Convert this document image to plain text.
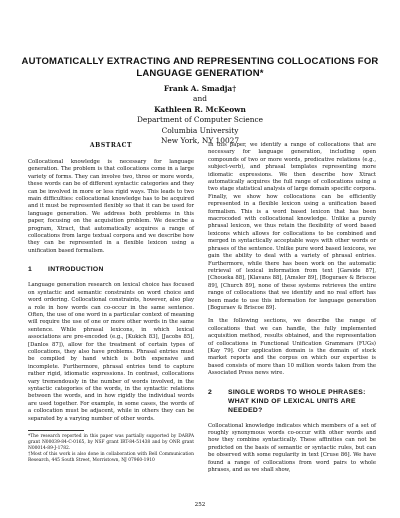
AUTOMATICALLY EXTRACTING AND REPRESENTING COLLOCATIONS FOR LANGUAGE GENERATION*
Frank A. Smadja†
and
Kathleen R. McKeown
Department of Computer Science
Columbia University
New York, NY 10027
ABSTRACT

Collocational knowledge is necessary for language generation. The problem is that collocations come in a large variety of forms. They can involve two, three or more words, these words can be of different syntactic categories and they can be involved in more or less rigid ways. This leads to two main difficulties: collocational knowledge has to be acquired and it must be represented flexibly so that it can be used for language generation. We address both problems in this paper, focusing on the acquisition problem. We describe a program, Xtract, that automatically acquires a range of collocations from large textual corpora and we describe how they can be represented in a flexible lexicon using a unification based formalism.

1	INTRODUCTION

Language generation research on lexical choice has focused on syntactic and semantic constraints on word choice and word ordering. Collocational constraints, however, also play a role in how words can co-occur in the same sentence. Often, the use of one word in a particular context of meaning will require the use of one or more other words in the same sentence. While phrasal lexicons, in which lexical associations are pre-encoded (e.g., [Kukich 83], [Jacobs 85], [Danlos 87]), allow for the treatment of certain types of collocations, they also have problems. Phrasal entries must be compiled by hand which is both expensive and incomplete. Furthermore, phrasal entries tend to capture rather rigid, idiomatic expressions. In contrast, collocations vary tremendously in the number of words involved, in the syntactic categories of the words, in the syntactic relations between the words, and in how rigidly the individual words are used together. For example, in some cases, the words of a collocation must be adjacent, while in others they can be separated by a varying number of other words.

*The research reported in this paper was partially supported by DARPA grant N00039-84-C-0165, by NSF grant IRT-84-51438 and by ONR grant N00014-89-J-1782.

†Most of this work is also done in collaboration with Bell Communication Research, 445 South Street, Morristown, NJ 07960-1910

In this paper, we identify a range of collocations that are necessary for language generation, including open compounds of two or more words, predicative relations (e.g., subject-verb), and phrasal templates representing more idiomatic expressions. We then describe how Xtract automatically acquires the full range of collocations using a two stage statistical analysis of large domain specific corpora. Finally, we show how collocations can be efficiently represented in a flexible lexicon using a unification based formalism. This is a word based lexicon that has been macrocoded with collocational knowledge. Unlike a purely phrasal lexicon, we thus retain the flexibility of word based lexicons which allows for collocations to be combined and merged in syntactically acceptable ways with other words or phrases of the sentence. Unlike pure word based lexicons, we gain the ability to deal with a variety of phrasal entries. Furthermore, while there has been work on the automatic retrieval of lexical information from text [Garside 87], [Choueka 88], [Klavans 88], [Amsler 89], [Boguraev & Briscoe 89], [Church 89], none of these systems retrieves the entire range of collocations that we identify and no real effort has been made to use this information for language generation [Boguraev & Briscoe 89].

In the following sections, we describe the range of collocations that we can handle, the fully implemented acquisition method, results obtained, and the representation of collocations in Functional Unification Grammars (FUGs) [Kay 79]. Our application domain is the domain of stock market reports and the corpus on which our expertise is based consists of more than 10 million words taken from the Associated Press news wire.

2	SINGLE WORDS TO WHOLE PHRASES: WHAT KIND OF LEXICAL UNITS ARE NEEDED?

Collocational knowledge indicates which members of a set of roughly synonymous words co-occur with other words and how they combine syntactically. These affinities can not be predicted on the basis of semantic or syntactic rules, but can be observed with some regularity in text [Cruse 86]. We have found a range of collocations from word pairs to whole phrases, and as we shall show,

252
